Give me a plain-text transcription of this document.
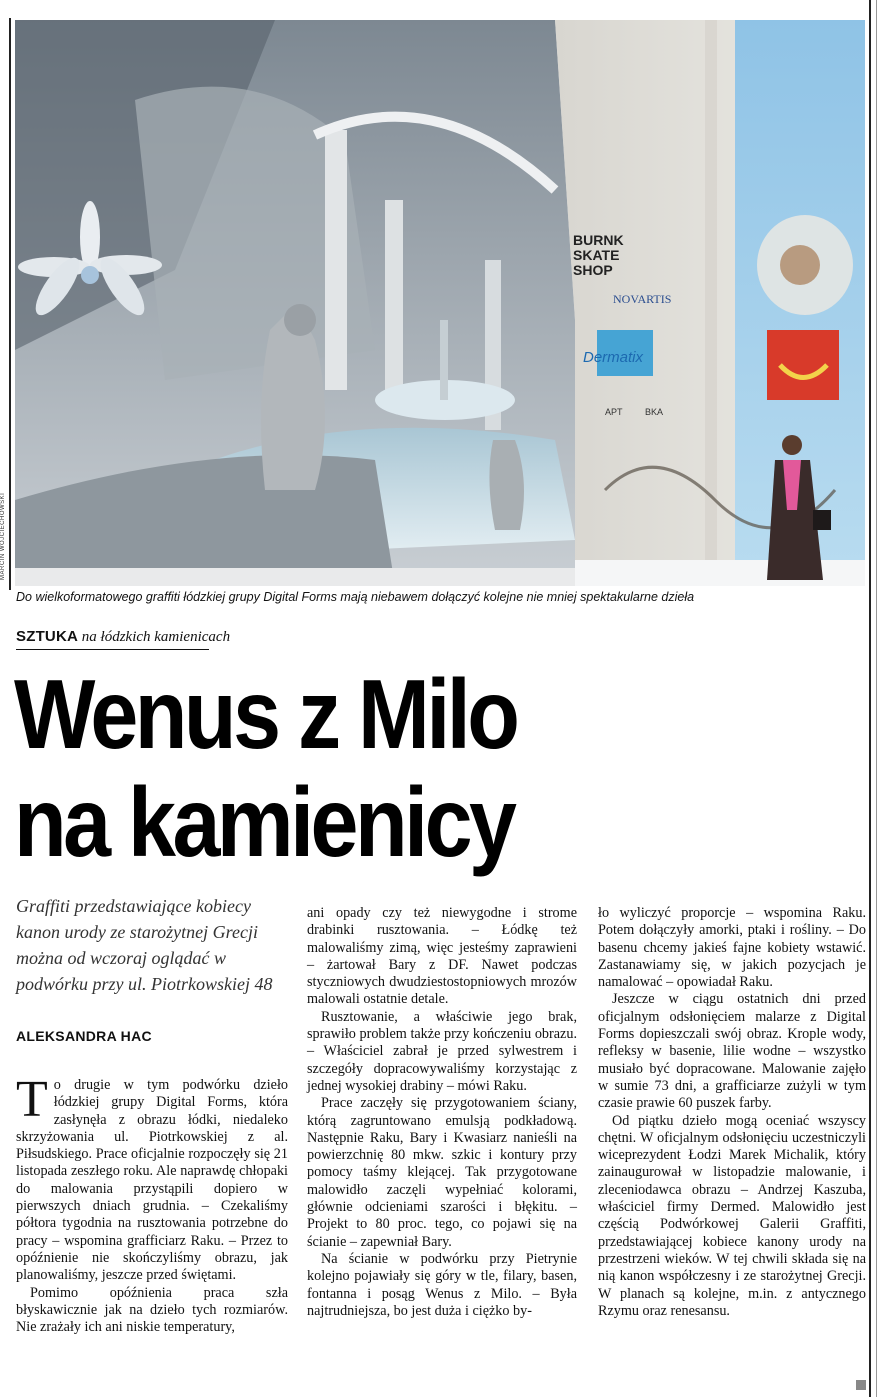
MARCIN WOJCIECHOWSKI
BURNK
SKATE
SHOP
NOVARTIS
Dermatix
APT BKA
Do wielkoformatowego graffiti łódzkiej grupy Digital Forms mają niebawem dołączyć kolejne nie mniej spektakularne dzieła
SZTUKA na łódzkich kamienicach
Wenus z Milo
na kamienicy
Graffiti przedstawiające kobiecy kanon urody ze starożytnej Grecji można od wczoraj oglądać w podwórku przy ul. Piotrkowskiej 48
ALEKSANDRA HAC

To drugie w tym podwórku dzieło łódzkiej grupy Digital Forms, która zasłynęła z obrazu łódki, niedaleko skrzyżowania ul. Piotrkowskiej z al. Piłsudskiego. Prace oficjalnie rozpoczęły się 21 listopada zeszłego roku. Ale naprawdę chłopaki do malowania przystąpili dopiero w pierwszych dniach grudnia. – Czekaliśmy półtora tygodnia na rusztowania potrzebne do pracy – wspomina grafficiarz Raku. – Przez to opóźnienie nie skończyliśmy obrazu, jak planowaliśmy, jeszcze przed świętami.

Pomimo opóźnienia praca szła błyskawicznie jak na dzieło tych rozmiarów. Nie zrażały ich ani niskie temperatury,

ani opady czy też niewygodne i strome drabinki rusztowania. – Łódkę też malowaliśmy zimą, więc jesteśmy zaprawieni – żartował Bary z DF. Nawet podczas styczniowych dwudziestostopniowych mrozów malowali ostatnie detale.

Rusztowanie, a właściwie jego brak, sprawiło problem także przy kończeniu obrazu. – Właściciel zabrał je przed sylwestrem i szczegóły dopracowywaliśmy korzystając z jednej wysokiej drabiny – mówi Raku.

Prace zaczęły się przygotowaniem ściany, którą zagruntowano emulsją podkładową. Następnie Raku, Bary i Kwasiarz nanieśli na powierzchnię 80 mkw. szkic i kontury przy pomocy taśmy klejącej. Tak przygotowane malowidło zaczęli wypełniać kolorami, głównie odcieniami szarości i błękitu. – Projekt to 80 proc. tego, co pojawi się na ścianie – zapewniał Bary.

Na ścianie w podwórku przy Pietrynie kolejno pojawiały się góry w tle, filary, basen, fontanna i posąg Wenus z Milo. – Była najtrudniejsza, bo jest duża i ciężko by-

ło wyliczyć proporcje – wspomina Raku. Potem dołączyły amorki, ptaki i rośliny. – Do basenu chcemy jakieś fajne kobiety wstawić. Zastanawiamy się, w jakich pozycjach je namalować – opowiadał Raku.

Jeszcze w ciągu ostatnich dni przed oficjalnym odsłonięciem malarze z Digital Forms dopieszczali swój obraz. Krople wody, refleksy w basenie, lilie wodne – wszystko musiało być dopracowane. Malowanie zajęło w sumie 73 dni, a grafficiarze zużyli w tym czasie prawie 60 puszek farby.

Od piątku dzieło mogą oceniać wszyscy chętni. W oficjalnym odsłonięciu uczestniczyli wiceprezydent Łodzi Marek Michalik, który zainaugurował w listopadzie malowanie, i zleceniodawca obrazu – Andrzej Kaszuba, właściciel firmy Dermed. Malowidło jest częścią Podwórkowej Galerii Graffiti, przedstawiającej kobiece kanony urody na przestrzeni wieków. W tej chwili składa się na nią kanon współczesny i ze starożytnej Grecji. W planach są kolejne, m.in. z antycznego Rzymu oraz renesansu.
